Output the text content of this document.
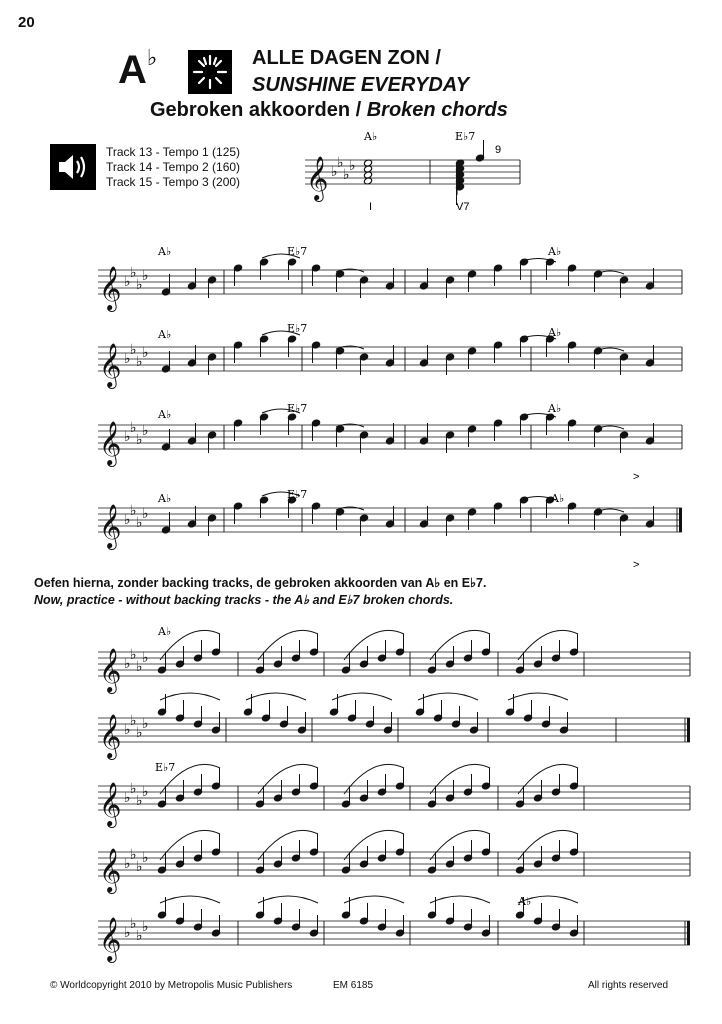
20
A♭	ALLE DAGEN ZON /
SUNSHINE EVERYDAY
Gebroken akkoorden / Broken chords
Track 13 - Tempo 1 (125)
Track 14 - Tempo 2 (160)
Track 15 - Tempo 3 (200)
Oefen hierna, zonder backing tracks, de gebroken akkoorden van A♭ en E♭7.
Now, practice - without backing tracks - the A♭ and E♭7 broken chords.
© Worldcopyright 2010 by Metropolis Music Publishers	EM 6185	All rights reserved
𝄞 ♭
♭
♭
♭
𝄞 ♭
♭
♭
♭
𝄞 ♭
♭
♭
♭
𝄞 ♭
♭
♭
♭
𝄞 ♭
♭
♭
♭
𝄞 ♭
♭
♭
♭
𝄞 ♭
♭
♭
♭
𝄞 ♭
♭
♭
♭
𝄞 ♭
♭
♭
♭
𝄞 ♭
♭
♭
♭
A♭	E♭7
9
I	V7
A♭	E♭7	A♭
A♭	E♭7	A♭
A♭	E♭7	A♭
A♭	E♭7	A♭
>
>
A♭
E♭7
A♭
